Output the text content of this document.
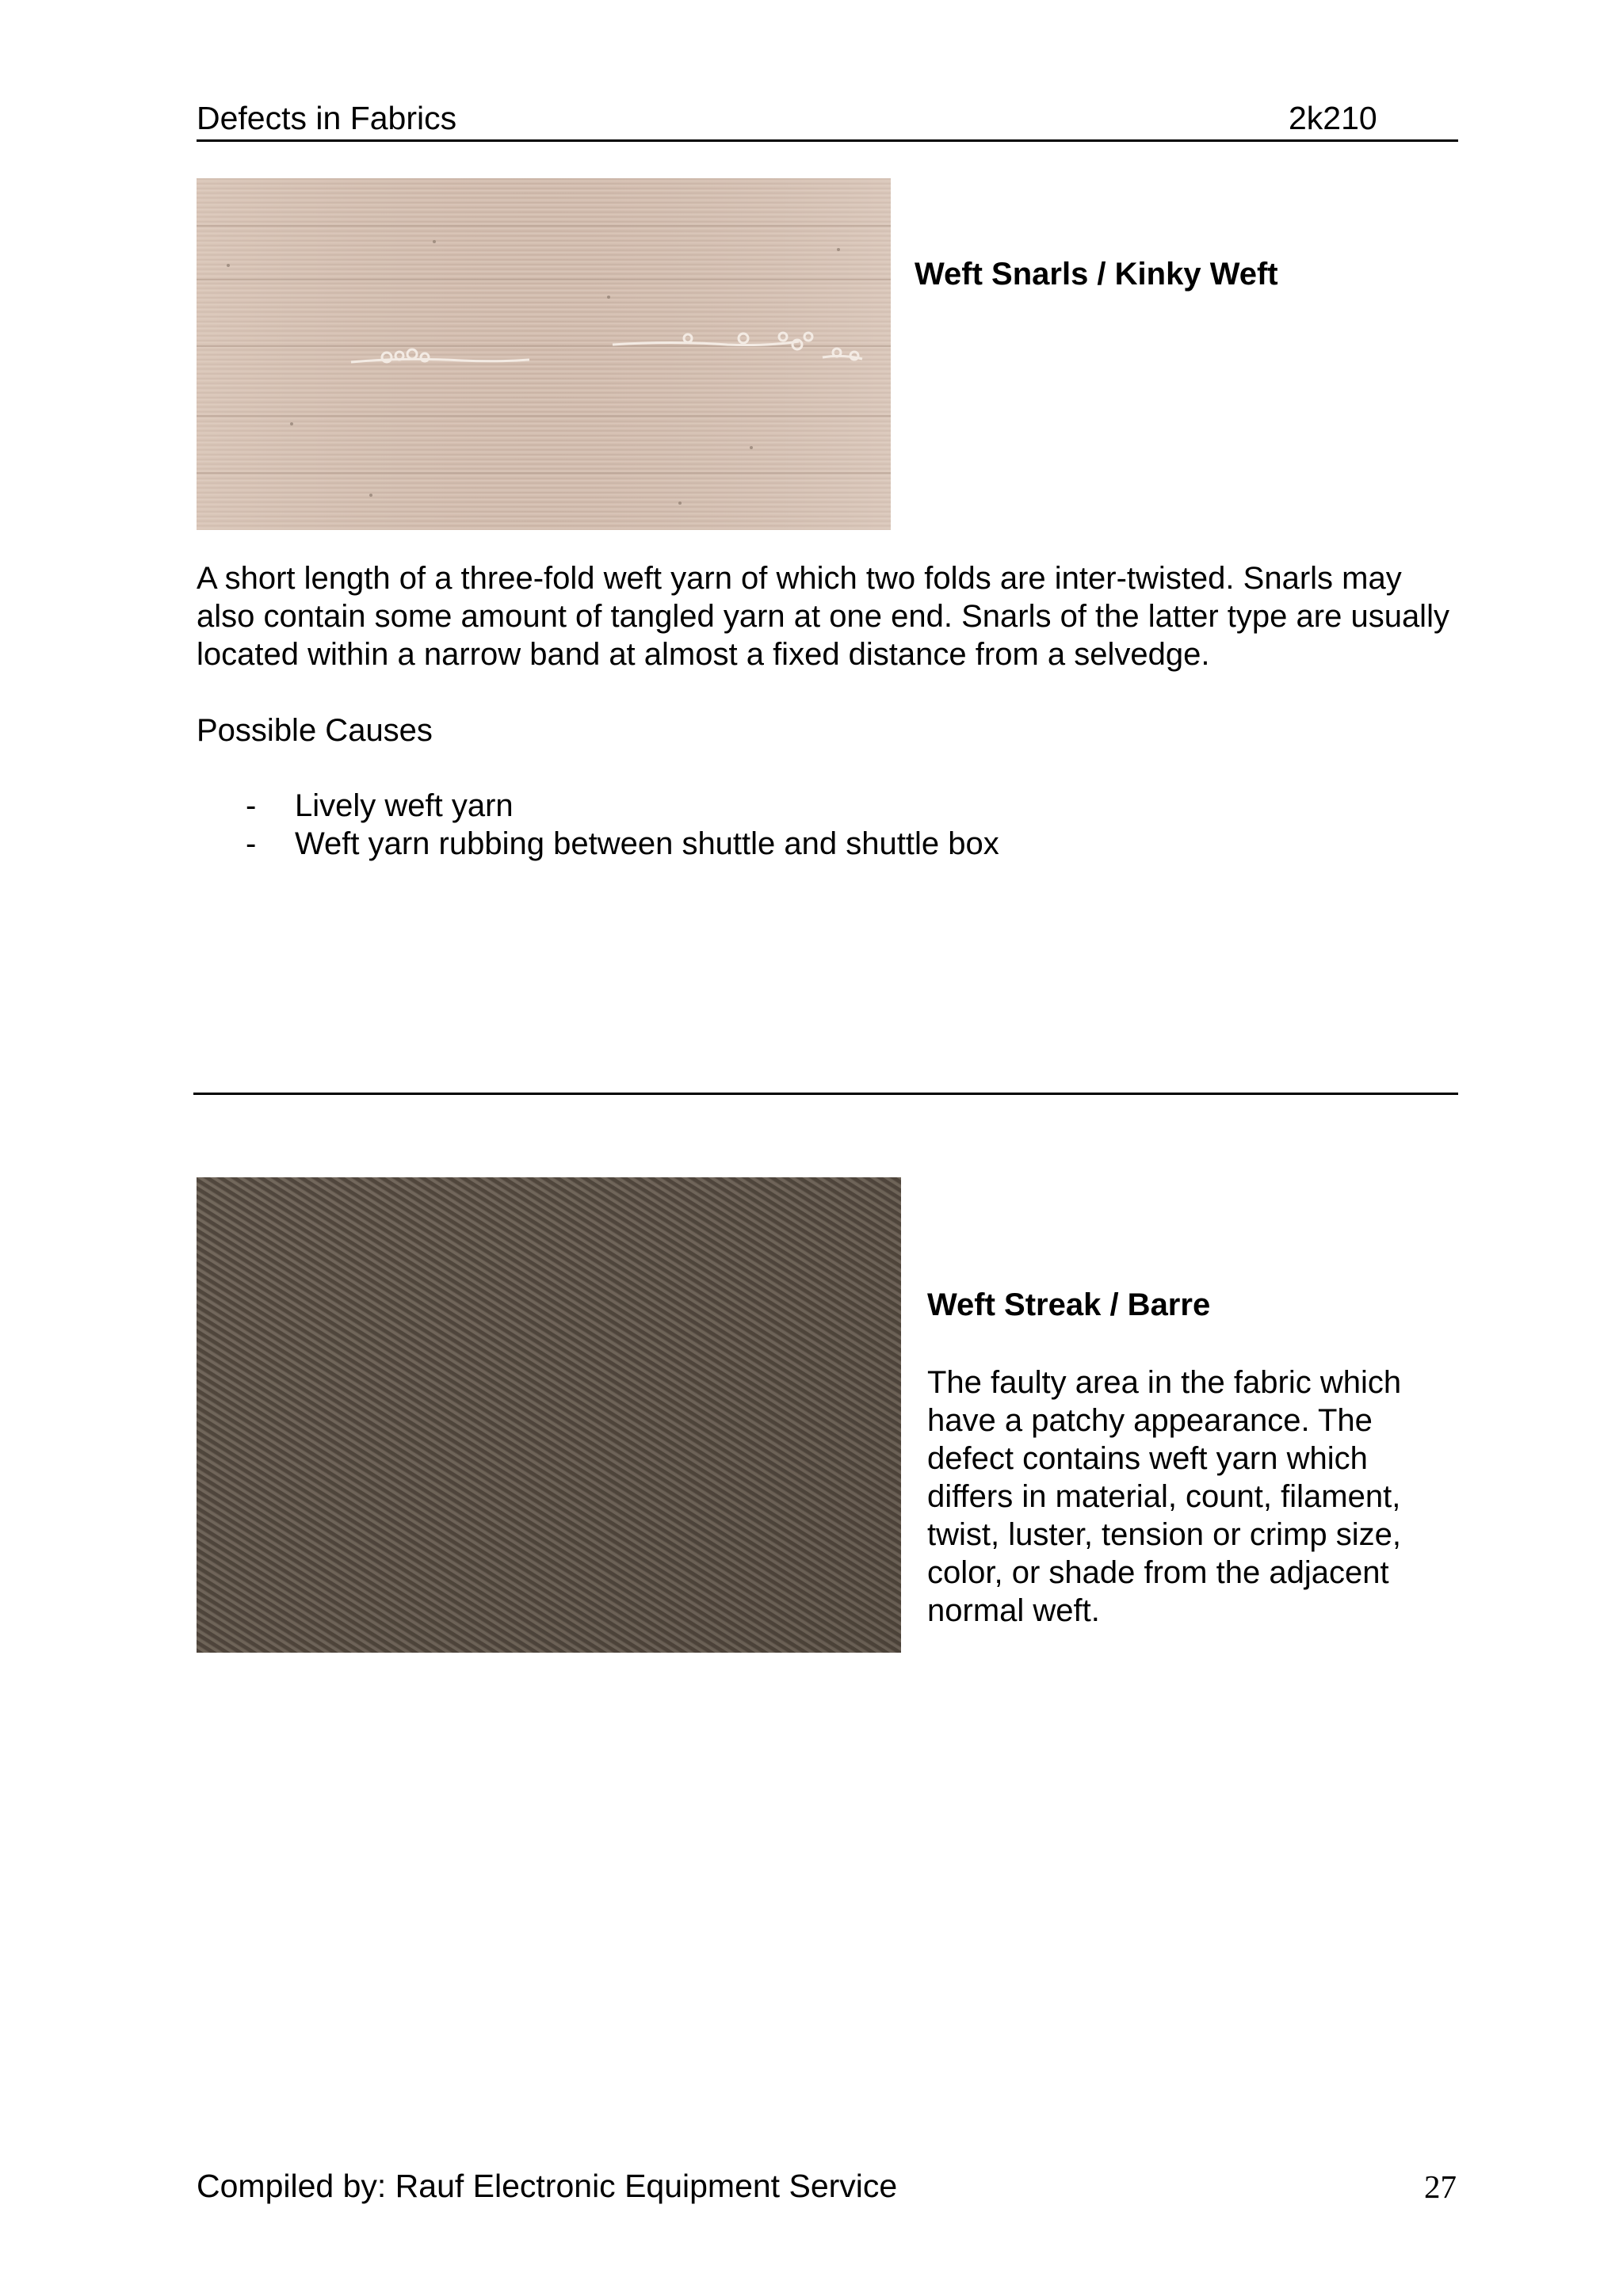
Defects in Fabrics	2k210

Weft Snarls / Kinky Weft

A short length of a three-fold weft yarn of which two folds are inter-twisted. Snarls may also contain some amount of tangled yarn at one end. Snarls of the latter type are usually located within a narrow band at almost a fixed distance from a selvedge.

Possible Causes

- Lively weft yarn
- Weft yarn rubbing between shuttle and shuttle box

Weft Streak / Barre

The faulty area in the fabric which have a patchy appearance. The defect contains weft yarn which differs in material, count, filament, twist, luster, tension or crimp size, color, or shade from the adjacent normal weft.

Compiled by: Rauf Electronic Equipment Service	27
